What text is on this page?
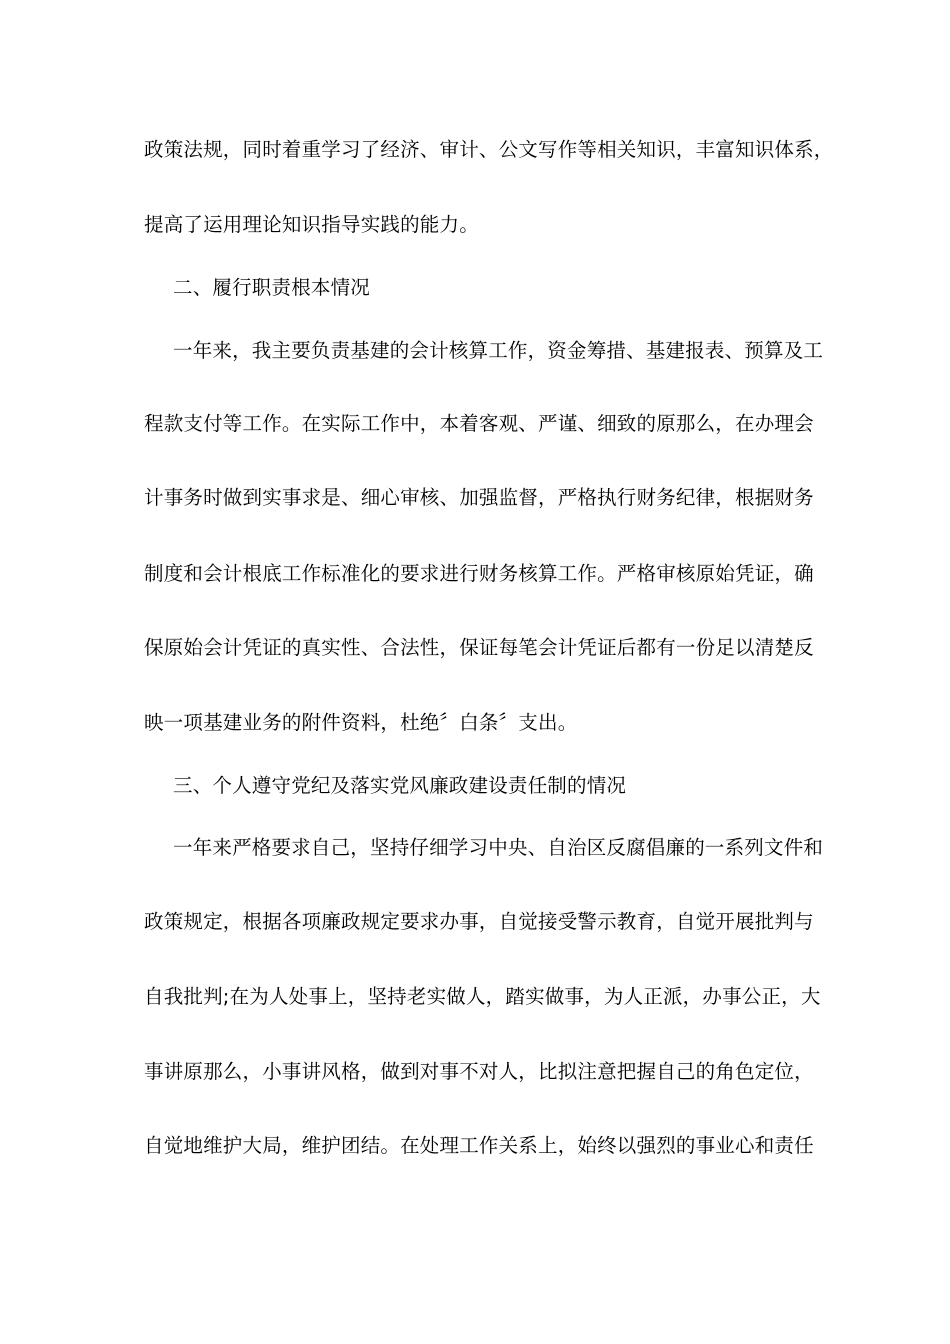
政策法规，同时着重学习了经济、审计、公文写作等相关知识，丰富知识体系，
提高了运用理论知识指导实践的能力。
二、履行职责根本情况
一年来，我主要负责基建的会计核算工作，资金筹措、基建报表、预算及工
程款支付等工作。在实际工作中，本着客观、严谨、细致的原那么，在办理会
计事务时做到实事求是、细心审核、加强监督，严格执行财务纪律，根据财务
制度和会计根底工作标准化的要求进行财务核算工作。严格审核原始凭证，确
保原始会计凭证的真实性、合法性，保证每笔会计凭证后都有一份足以清楚反
映一项基建业务的附件资料，杜绝〞白条〞支出。
三、个人遵守党纪及落实党风廉政建设责任制的情况
一年来严格要求自己，坚持仔细学习中央、自治区反腐倡廉的一系列文件和
政策规定，根据各项廉政规定要求办事，自觉接受警示教育，自觉开展批判与
自我批判;在为人处事上，坚持老实做人，踏实做事，为人正派，办事公正，大
事讲原那么，小事讲风格，做到对事不对人，比拟注意把握自己的角色定位，
自觉地维护大局，维护团结。在处理工作关系上，始终以强烈的事业心和责任
